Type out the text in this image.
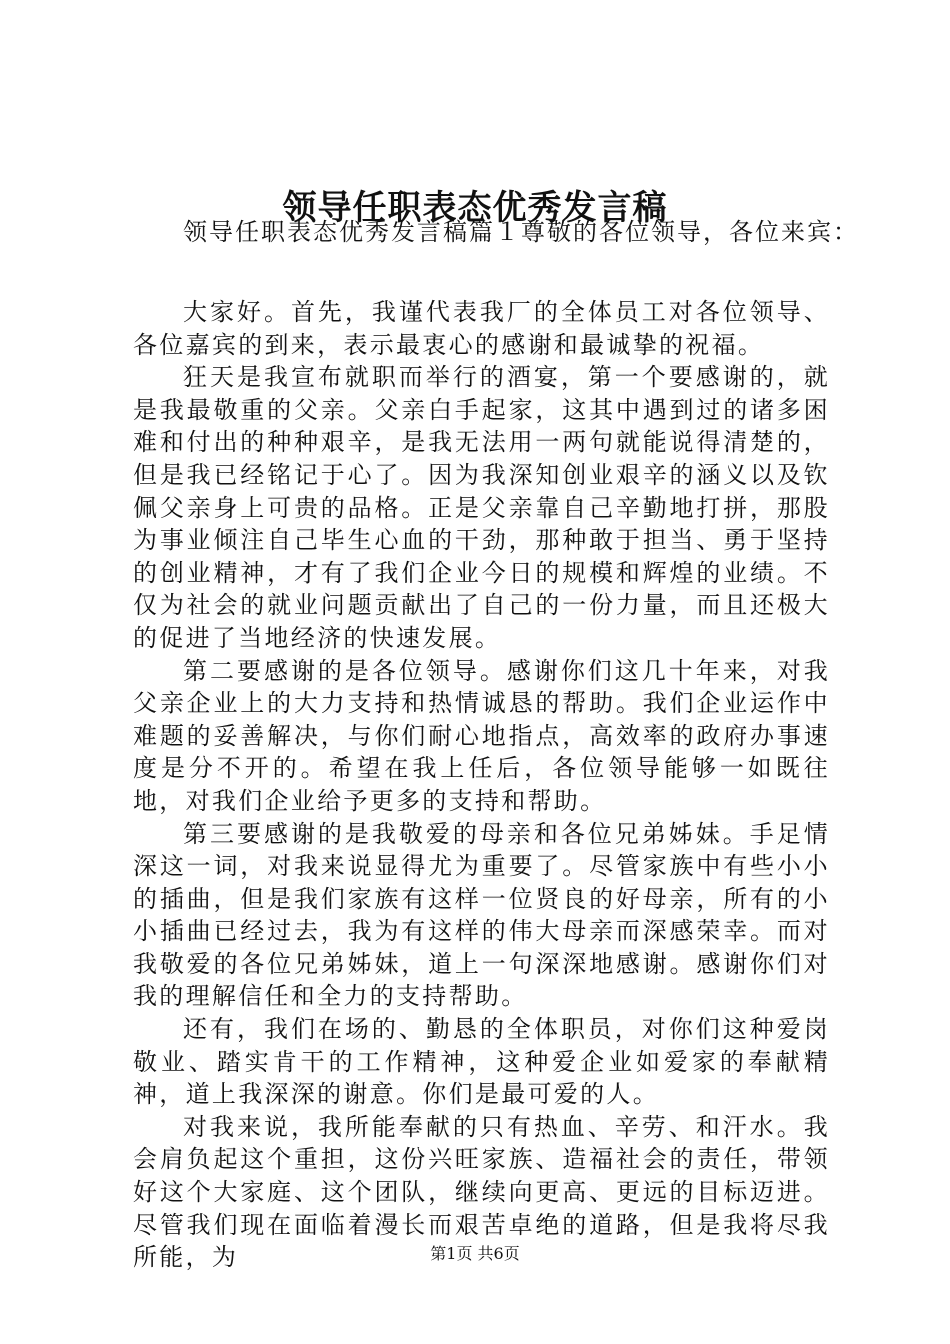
领导任职表态优秀发言稿

领导任职表态优秀发言稿篇１尊敬的各位领导，各位来宾：

大家好。首先，我谨代表我厂的全体员工对各位领导、各位嘉宾的到来，表示最衷心的感谢和最诚挚的祝福。

狂天是我宣布就职而举行的酒宴，第一个要感谢的，就是我最敬重的父亲。父亲白手起家，这其中遇到过的诸多困难和付出的种种艰辛，是我无法用一两句就能说得清楚的，但是我已经铭记于心了。因为我深知创业艰辛的涵义以及钦佩父亲身上可贵的品格。正是父亲靠自己辛勤地打拼，那股为事业倾注自己毕生心血的干劲，那种敢于担当、勇于坚持的创业精神，才有了我们企业今日的规模和辉煌的业绩。不仅为社会的就业问题贡献出了自己的一份力量，而且还极大的促进了当地经济的快速发展。

第二要感谢的是各位领导。感谢你们这几十年来，对我父亲企业上的大力支持和热情诚恳的帮助。我们企业运作中难题的妥善解决，与你们耐心地指点，高效率的政府办事速度是分不开的。希望在我上任后，各位领导能够一如既往地，对我们企业给予更多的支持和帮助。

第三要感谢的是我敬爱的母亲和各位兄弟姊妹。手足情深这一词，对我来说显得尤为重要了。尽管家族中有些小小的插曲，但是我们家族有这样一位贤良的好母亲，所有的小小插曲已经过去，我为有这样的伟大母亲而深感荣幸。而对我敬爱的各位兄弟姊妹，道上一句深深地感谢。感谢你们对我的理解信任和全力的支持帮助。

还有，我们在场的、勤恳的全体职员，对你们这种爱岗敬业、踏实肯干的工作精神，这种爱企业如爱家的奉献精神，道上我深深的谢意。你们是最可爱的人。

对我来说，我所能奉献的只有热血、辛劳、和汗水。我会肩负起这个重担，这份兴旺家族、造福社会的责任，带领好这个大家庭、这个团队，继续向更高、更远的目标迈进。尽管我们现在面临着漫长而艰苦卓绝的道路，但是我将尽我所能，为	第1页 共6页
